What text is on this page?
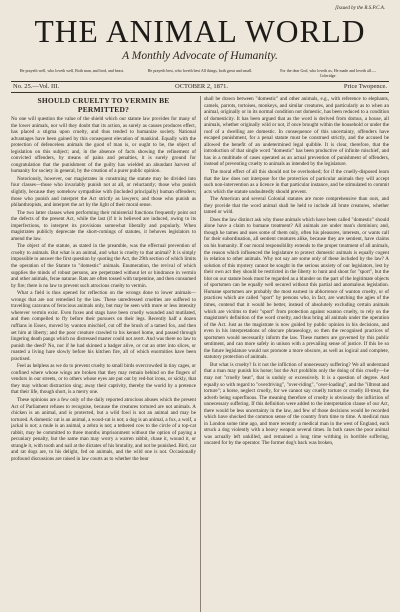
[Issued by the R.S.P.C.A.
THE ANIMAL WORLD
A Monthly Advocate of Humanity.
He prayeth well, who loveth well, Both man, and bird, and beast.	He prayeth best, who loveth best All things, both great and small.	For the dear God, who loveth us, He made and loveth all.—Coleridge.
No. 25.—Vol. III.	OCTOBER 2, 1871.	Price Twopence.
SHOULD CRUELTY TO VERMIN BE PERMITTED?

No one will question the value of the shield which our statute law provides for many of the lower animals, nor will they doubt that its action, as surely as causes produces effect, has placed a stigma upon cruelty, and thus tended to humanize society. National advantages have been gained by this consequent elevation of mankind. Equally with the protection of defenceless animals the good of man is, or ought to be, the object of legislation on this subject; and, in the absence of facts showing the refinement of convicted offenders, by means of pains and penalties, it is surely ground for congratulation that the punishment of the guilty has wielded an abundant harvest of humanity for society in general, by the creation of a purer public opinion.

Notoriously, however, our magistrates in construing the statute may be divided into four classes—those who invariably punish not at all, or reluctantly; those who punish slightly, because they somehow sympathise with (included principally) human offenders; those who punish and interpret the Act strictly as lawyers; and those who punish as philanthropists, and interpret the act by the light of their moral sense.

The two latter classes when performing their ministerial functions frequently point out the defects of the present Act, while the last (if it is believed are induced, owing to its imperfections, to interpret its provisions somewhat liberally and popularly. When magistrates publicly deprecate the short-comings of statutes, it behoves legislators to amend the law.

The object of the statute, as stated in the preamble, was the effectual prevention of cruelty to animals. But what is an animal, and what is cruelty to that animal? It is simply impossible to answer the first question by quoting the Act, the 29th section of which limits the operation of the Statute to "domestic" animals. Enumeration, the revival of which supplies the minds of robust persons, are perpetrated without let or hindrance in vermin and other animals, ferae naturae. Rats are often tossed with turpentine, and then consumed by fire; there is no law to prevent such atrocious cruelty to vermin.

What a field is thus opened for reflection on the wrongs done to lower animals—wrongs that are not remedied by the law. These unredressed cruelties are suffered to travelling caravans of ferocious animals only, but may be seen with more or less intensity wherever vermin exist. Even foxes and stags have been cruelly wounded and mutilated, and then compelled to fly before their pursuers on their legs. Recently half a dozen ruffians in Essex, moved by wanton mischief, cut off the brush of a tamed fox, and then set him at liberty; and the poor creature crawled to his kennel home, and passed through lingering death pangs which no distressed master could not avert. And was there no law to punish the deed? No, nor if he had skinned a badger alive, or cut an otter into slices, or roasted a living hare slowly before his kitchen fire, all of which enormities have been practised.

Feel as helpless as we do to prevent cruelty to small birds overcrowded in tiny cages, or confined where whose wings are broken that they may remain behind on the fingers of vendors in our streets, or to others whose eyes are put out by red-hot irons, or sickly, that they may without distraction sing; away their captivity, thereby the world by a pretence that their life, though short, is a merry one.

These opinions are a few only of the daily reported atrocious abuses which the present Act of Parliament refuses to recognise, because the creatures tortured are not animals. A chicken is an animal, and is protected, but a wild fowl is not an animal and may be tortured. A domestic cat is an animal, a wood-cat is not; a dog is an animal, a fox, a wolf, a jackal is not; a mule is an animal, a zebra is not; a tethered cow to the circle of a top-cat rabbit, may be committed to three months imprisonment without the option of paying a pecuniary penalty, but the same man may worry a warren rabbit, chase it, wound it, or strangle it, with tooth and nail at the dictates of his brutality, and not be punished. Bird, cat and rat dogs are, to his delight, fed on animals, and the wild one is not. Occasionally profound discussions are raised in law courts as to whether the bear

shall be drawn between "domestic" and other animals, e.g., with reference to elephants, camels, parrots, tortoises, monkeys, and similar creatures, and particularly as to when an animal, originally or in its normal condition not domestic, has been reduced to a condition of domesticity. It has been argued that as the word is derived from domus, a house, all animals, whether originally wild or not, if once brought within the household or under the roof of a dwelling are domestic. In consequence of this uncertainty, offenders have escaped punishment, for a penal statute must be construed strictly, and the accused be allowed the benefit of an undetermined legal quibble. It is clear, therefore, that the introduction of that single word "domestic" has been productive of infinite mischief, and has in a multitude of cases operated as an actual prevention of punishment of offenders, instead of preventing cruelty to animals as intended by the legislature.

The moral effect of all this should not be overlooked; for if the cruelly-disposed learn that the law does not interpose for the protection of particular animals they will accept such non-intervention as a licence in that particular instance, and be stimulated to commit acts which the statute undoubtedly should prevent.

The American and several Colonial statutes are more comprehensive than ours, and they provide that the word animal shall be held to include all brute creatures, whether tamed or wild.

Does the law distinct ask why those animals which have been called "domestic" should alone have a claim to humane treatment? All animals are under man's dominion; and, though he tames and uses some of them only, often his pleasures, interests, or wants call for their subordination, all sentient creatures alike, because they are sentient, have claims on his humanity. If our moral responsibility extends to the proper treatment of all animals, the reason which influenced the legislature to protect domestic animals is equally cogent in relation to other animals. Why not say are some only of these included by the law? A solution of this mystery cannot be sought in the serious anxiety of our legislators, lest by their own act they should be restricted in the liberty to hunt and shoot for "sport", but the blot on our statute book must be regarded as a blunder on the part of the legitimate objects of sportsmen can be equally well secured without this partial and anomalous legislation. Humane sportsmen are probably the most earnest in abhorrence of wanton cruelty, or of practices which are called "sport" by persons who, in fact, are watching the agies of the times, contend that it would be better, instead of absolutely excluding certain animals which are victims to their "sport" from protection against wanton cruelty, to rely on the magistrate's definition of the word cruelty, and thus bring all animals under the operation of the Act. Just as the magistrate is now guided by public opinion in his decisions, and even in his interpretations of obscure phraseology, so then the recognised practices of sportsmen would necessarily inform the law. These matters are governed by this public sentiment, and can more safely in unison with a prevailing sense of justice. If this be so the future legislature would not promote a more obscure, as well as logical and complete, statutory protection of animals.

But what is cruelty? Is it not the infliction of unnecessary suffering? We all understand that a man may punish his horse; but the Act prohibits only the doing of this cruelly—he may not "cruelly beat", that is unduly or excessively. It is a question of degree. And equally so with regard to "overdriving", "over-riding", "over-loading", and the "illtreat and torture"; a horse, neglect cruelly, for we cannot say cruelly torture or cruelly ill-treat, the adverb being superfluous. The meaning therefore of cruelty is obviously the infliction of unnecessary suffering. If this definition were added to the interpretation clause of our Act, there would be less uncertainty in the law, and few of those decisions would be recorded which have shocked the common sense of the country from time to time. A medical man in London some time ago, and more recently a medical man in the west of England, each struck a dog violently with a heavy weapon several times. In both cases the poor animal was actually left unkilled, and remained a long time writhing in horrible suffering, uncared for by the operator. The former dog's back was broken,
